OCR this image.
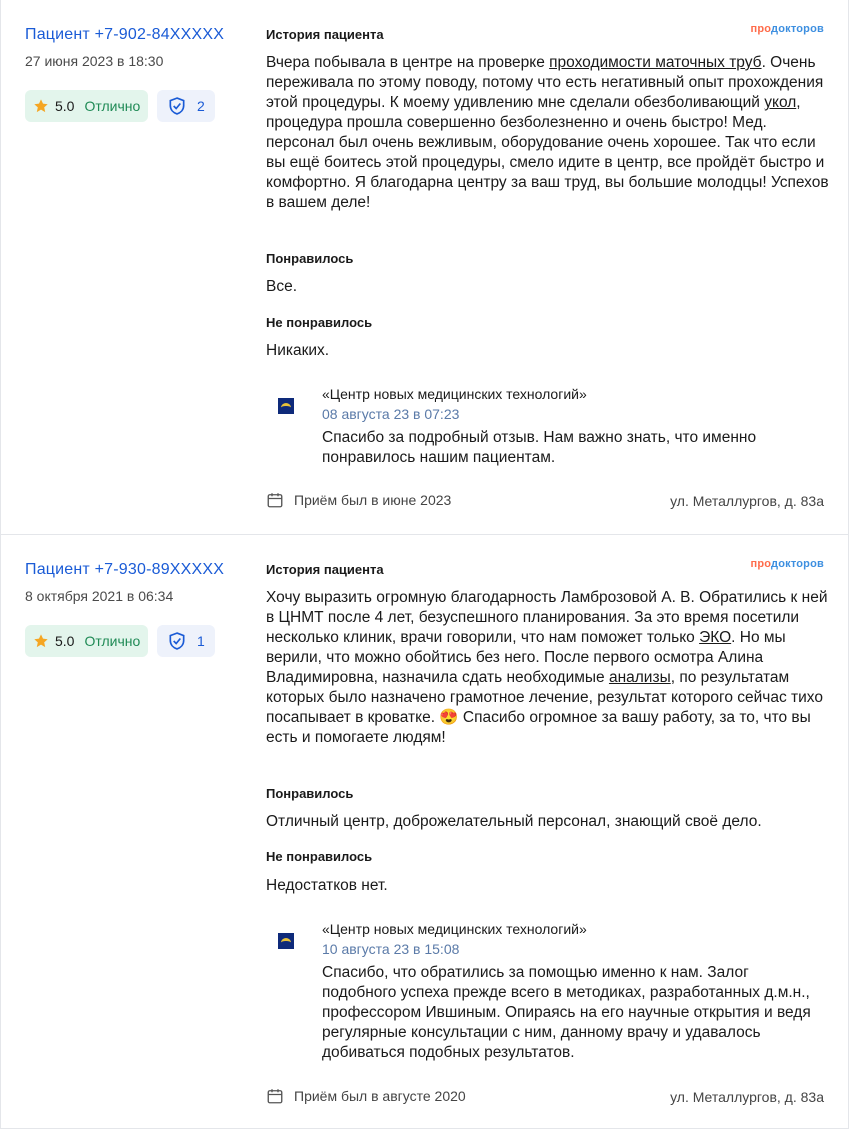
Пациент +7-902-84XXXXX
27 июня 2023 в 18:30
5.0 Отлично	2
История пациента	продокторов
Вчера побывала в центре на проверке проходимости маточных труб. Очень переживала по этому поводу, потому что есть негативный опыт прохождения этой процедуры. К моему удивлению мне сделали обезболивающий укол, процедура прошла совершенно безболезненно и очень быстро! Мед. персонал был очень вежливым, оборудование очень хорошее. Так что если вы ещё боитесь этой процедуры, смело идите в центр, все пройдёт быстро и комфортно. Я благодарна центру за ваш труд, вы большие молодцы! Успехов в вашем деле!
Понравилось
Все.
Не понравилось
Никаких.
«Центр новых медицинских технологий»
08 августа 23 в 07:23
Спасибо за подробный отзыв. Нам важно знать, что именно понравилось нашим пациентам.
Приём был в июне 2023	ул. Металлургов, д. 83а
Пациент +7-930-89XXXXX
8 октября 2021 в 06:34
5.0 Отлично	1
История пациента	продокторов
Хочу выразить огромную благодарность Ламброзовой А. В. Обратились к ней в ЦНМТ после 4 лет, безуспешного планирования. За это время посетили несколько клиник, врачи говорили, что нам поможет только ЭКО. Но мы верили, что можно обойтись без него. После первого осмотра Алина Владимировна, назначила сдать необходимые анализы, по результатам которых было назначено грамотное лечение, результат которого сейчас тихо посапывает в кроватке. 😍 Спасибо огромное за вашу работу, за то, что вы есть и помогаете людям!
Понравилось
Отличный центр, доброжелательный персонал, знающий своё дело.
Не понравилось
Недостатков нет.
«Центр новых медицинских технологий»
10 августа 23 в 15:08
Спасибо, что обратились за помощью именно к нам. Залог подобного успеха прежде всего в методиках, разработанных д.м.н., профессором Ившиным. Опираясь на его научные открытия и ведя регулярные консультации с ним, данному врачу и удавалось добиваться подобных результатов.
Приём был в августе 2020	ул. Металлургов, д. 83а
